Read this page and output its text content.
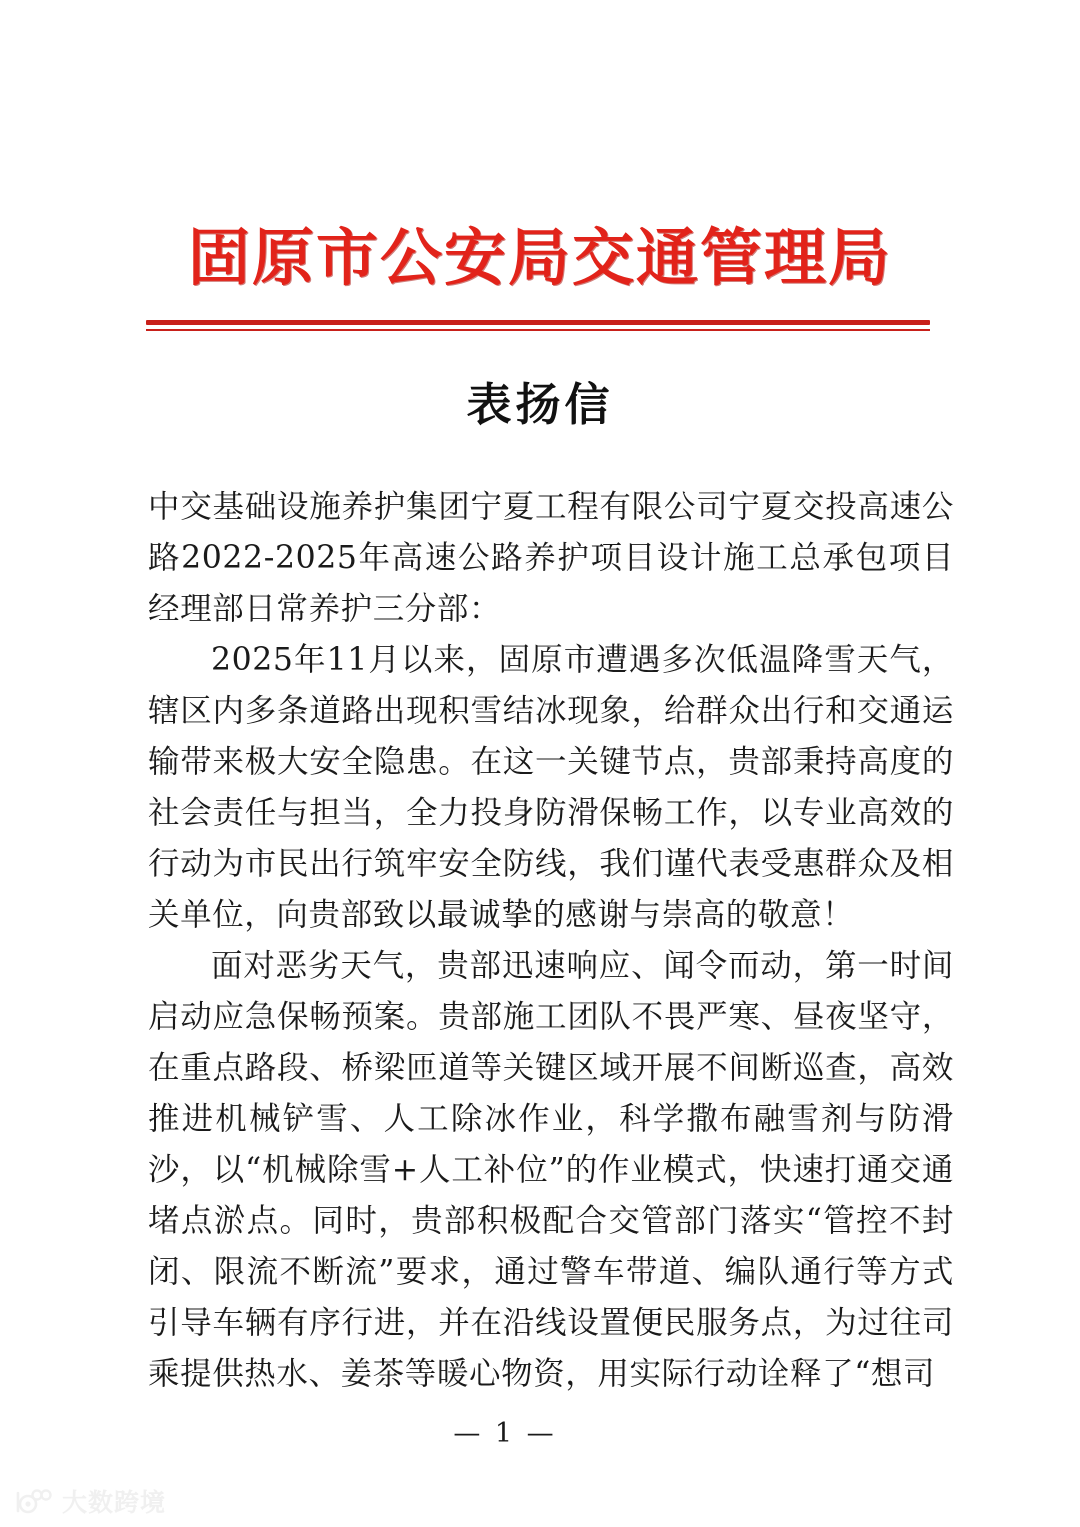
固原市公安局交通管理局
表扬信

中交基础设施养护集团宁夏工程有限公司宁夏交投高速公路2022-2025年高速公路养护项目设计施工总承包项目经理部日常养护三分部：

2025年11月以来，固原市遭遇多次低温降雪天气，辖区内多条道路出现积雪结冰现象，给群众出行和交通运输带来极大安全隐患。在这一关键节点，贵部秉持高度的社会责任与担当，全力投身防滑保畅工作，以专业高效的行动为市民出行筑牢安全防线，我们谨代表受惠群众及相关单位，向贵部致以最诚挚的感谢与崇高的敬意！

面对恶劣天气，贵部迅速响应、闻令而动，第一时间启动应急保畅预案。贵部施工团队不畏严寒、昼夜坚守，在重点路段、桥梁匝道等关键区域开展不间断巡查，高效推进机械铲雪、人工除冰作业，科学撒布融雪剂与防滑沙，以“机械除雪+人工补位”的作业模式，快速打通交通堵点淤点。同时，贵部积极配合交管部门落实“管控不封闭、限流不断流”要求，通过警车带道、编队通行等方式引导车辆有序行进，并在沿线设置便民服务点，为过往司乘提供热水、姜茶等暖心物资，用实际行动诠释了“想司

— 1 —
大数跨境
